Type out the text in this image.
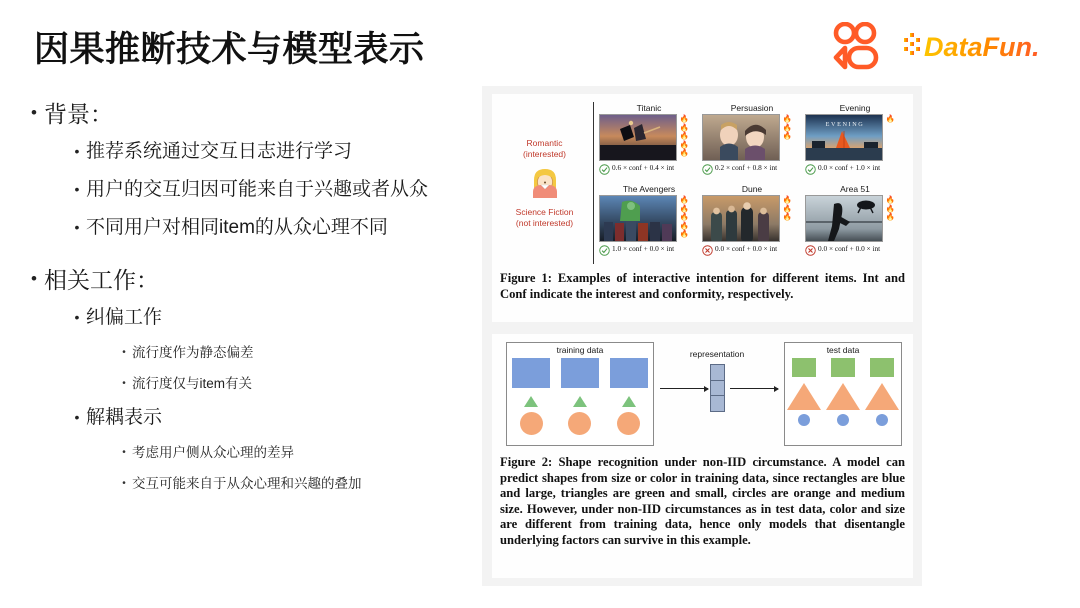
因果推断技术与模型表示	DataFun.
• 背景：
• 推荐系统通过交互日志进行学习
• 用户的交互归因可能来自于兴趣或者从众
• 不同用户对相同item的从众心理不同
• 相关工作：
• 纠偏工作
• 流行度作为静态偏差
• 流行度仅与item有关
• 解耦表示
• 考虑用户侧从众心理的差异
• 交互可能来自于从众心理和兴趣的叠加
Romantic
(interested)
Science Fiction
(not interested)
Titanic
🔥
🔥
🔥
🔥
🔥
0.6 × conf + 0.4 × int
Persuasion
🔥
🔥
🔥
0.2 × conf + 0.8 × int
Evening
EVENING
🔥
0.0 × conf + 1.0 × int
The Avengers
🔥
🔥
🔥
🔥
🔥
1.0 × conf + 0.0 × int
Dune
🔥
🔥
🔥
0.0 × conf + 0.0 × int
Area 51
🔥
🔥
🔥
0.0 × conf + 0.0 × int
Figure 1: Examples of interactive intention for different items. Int and Conf indicate the interest and conformity, respectively.
training data	representation	test data
Figure 2: Shape recognition under non-IID circumstance. A model can predict shapes from size or color in training data, since rectangles are blue and large, triangles are green and small, circles are orange and medium size. However, under non-IID circumstances as in test data, color and size are different from training data, hence only models that disentangle underlying factors can survive in this example.
